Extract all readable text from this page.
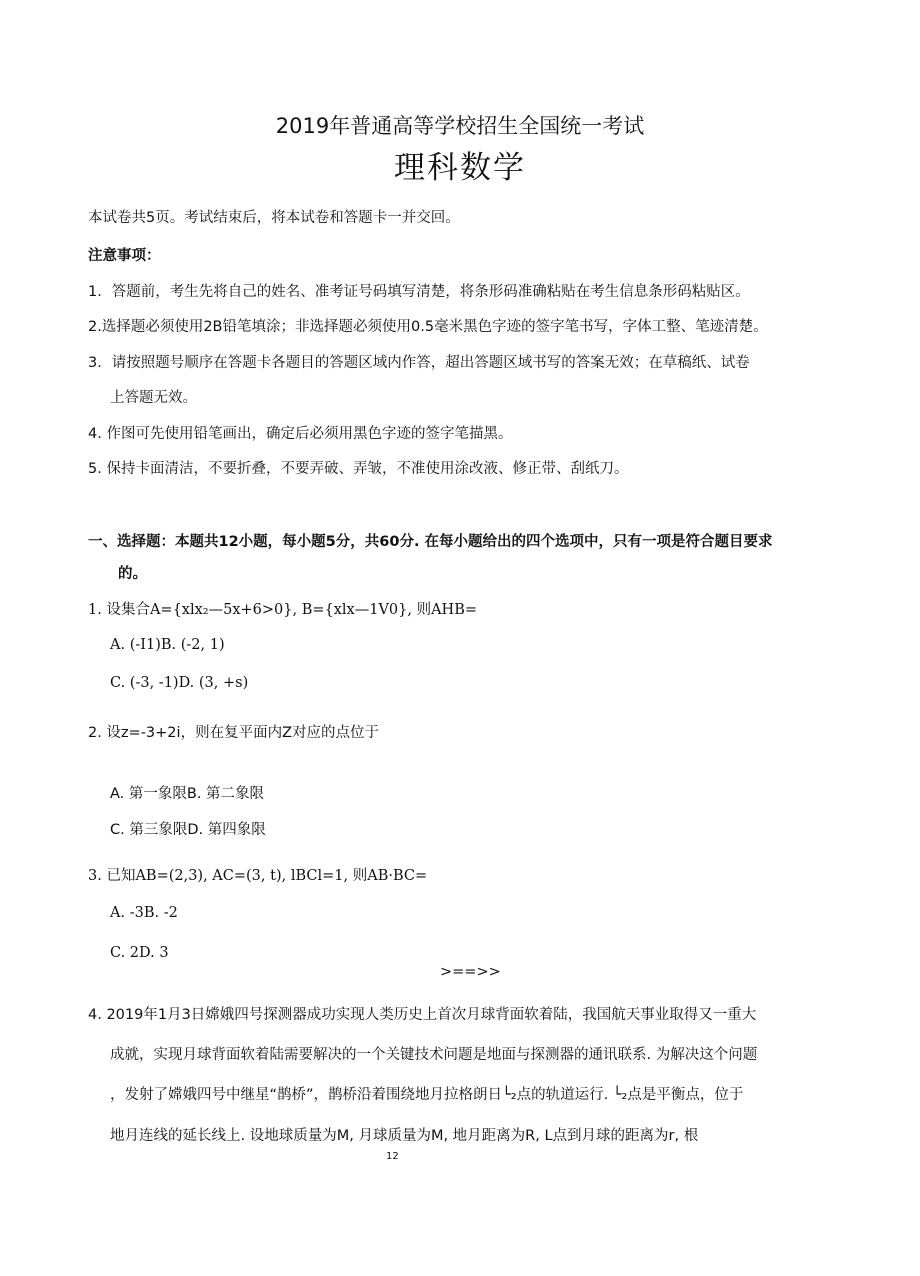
2019年普通高等学校招生全国统一考试
理科数学
本试卷共5页。考试结束后，将本试卷和答题卡一并交回。
注意事项：
1．答题前，考生先将自己的姓名、准考证号码填写清楚，将条形码准确粘贴在考生信息条形码粘贴区。
2.选择题必须使用2B铅笔填涂；非选择题必须使用0.5毫米黑色字迹的签字笔书写，字体工整、笔迹清楚。
3．请按照题号顺序在答题卡各题目的答题区域内作答，超出答题区域书写的答案无效；在草稿纸、试卷
上答题无效。
4. 作图可先使用铅笔画出，确定后必须用黑色字迹的签字笔描黑。
5. 保持卡面清洁，不要折叠，不要弄破、弄皱，不准使用涂改液、修正带、刮纸刀。
一、选择题：本题共12小题，每小题5分，共60分. 在每小题给出的四个选项中，只有一项是符合题目要求
的。
1. 设集合A={xlx₂—5x+6>0}, B={xlx—1V0}, 则AHB=
A. (-I1)B. (-2, 1)
C. (-3, -1)D. (3, +s)
2. 设z=-3+2i，则在复平面内Z对应的点位于
A. 第一象限B. 第二象限
C. 第三象限D. 第四象限
3. 已知AB=(2,3), AC=(3, t), lBCl=1, 则AB·BC=
A. -3B. -2
C. 2D. 3
>==>>
4. 2019年1月3日嫦娥四号探测器成功实现人类历史上首次月球背面软着陆，我国航天事业取得又一重大
成就，实现月球背面软着陆需要解决的一个关键技术问题是地面与探测器的通讯联系. 为解决这个问题
，发射了嫦娥四号中继星“鹊桥”，鹊桥沿着围绕地月拉格朗日└₂点的轨道运行. └₂点是平衡点，位于
地月连线的延长线上. 设地球质量为M, 月球质量为M, 地月距离为R, L点到月球的距离为r, 根
12
